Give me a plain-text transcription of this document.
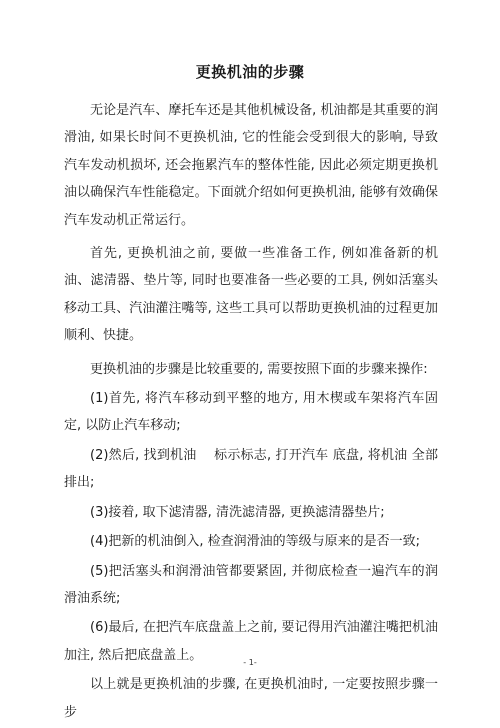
更换机油的步骤

无论是汽车、摩托车还是其他机械设备, 机油都是其重要的润滑油, 如果长时间不更换机油, 它的性能会受到很大的影响, 导致汽车发动机损坏, 还会拖累汽车的整体性能, 因此必须定期更换机油以确保汽车性能稳定。下面就介绍如何更换机油, 能够有效确保汽车发动机正常运行。

首先, 更换机油之前, 要做一些准备工作, 例如准备新的机油、滤清器、垫片等, 同时也要准备一些必要的工具, 例如活塞头移动工具、汽油灌注嘴等, 这些工具可以帮助更换机油的过程更加顺利、快捷。

更换机油的步骤是比较重要的, 需要按照下面的步骤来操作:

(1)首先, 将汽车移动到平整的地方, 用木楔或车架将汽车固定, 以防止汽车移动;

(2)然后, 找到机油　 标示标志, 打开汽车 底盘, 将机油 全部排出;

(3)接着, 取下滤清器, 清洗滤清器, 更换滤清器垫片;

(4)把新的机油倒入, 检查润滑油的等级与原来的是否一致;

(5)把活塞头和润滑油管都要紧固, 并彻底检查一遍汽车的润滑油系统;

(6)最后, 在把汽车底盘盖上之前, 要记得用汽油灌注嘴把机油加注, 然后把底盘盖上。

以上就是更换机油的步骤, 在更换机油时, 一定要按照步骤一步

- 1-
